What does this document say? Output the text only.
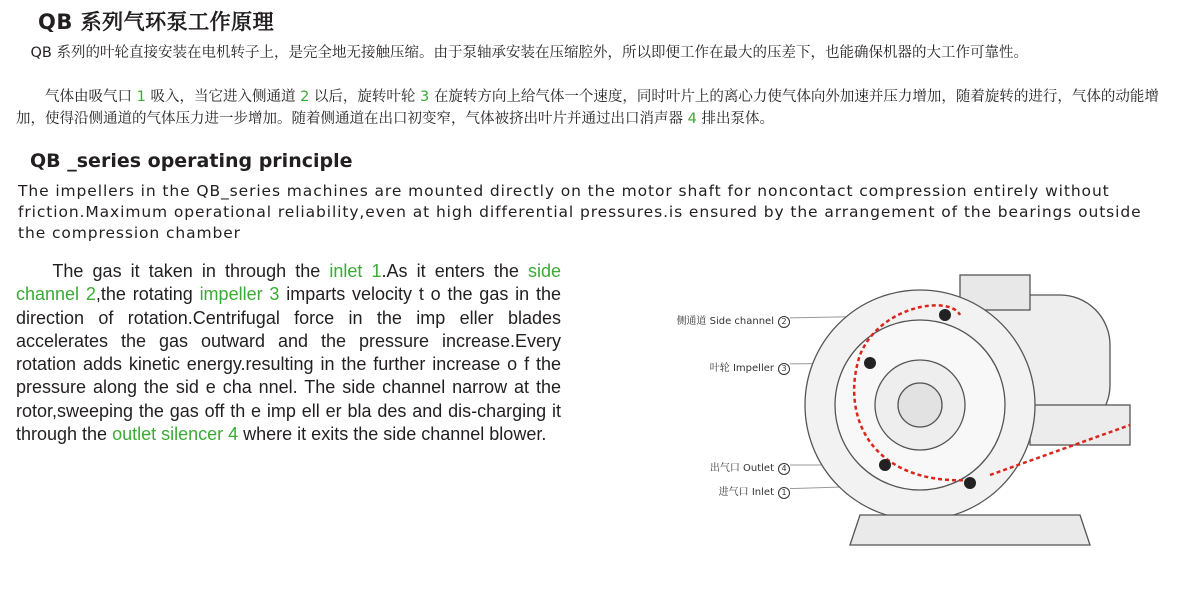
QB 系列气环泵工作原理
　QB 系列的叶轮直接安装在电机转子上，是完全地无接触压缩。由于泵轴承安装在压缩腔外，所以即便工作在最大的压差下，也能确保机器的大工作可靠性。
　　气体由吸气口 1 吸入，当它进入侧通道 2 以后，旋转叶轮 3 在旋转方向上给气体一个速度，同时叶片上的离心力使气体向外加速并压力增加，随着旋转的进行，气体的动能增加，使得沿侧通道的气体压力进一步增加。随着侧通道在出口初变窄，气体被挤出叶片并通过出口消声器 4 排出泵体。
QB _series operating principle
The impellers in the QB_series machines are mounted directly on the motor shaft for noncontact compression entirely without friction.Maximum operational reliability,even at high differential pressures.is ensured by the arrangement of the bearings outside the compression chamber
The gas it taken in through the inlet 1.As it enters the side channel 2,the rotating impeller 3 imparts velocity t o the gas in the direction of rotation.Centrifugal force in the imp eller blades accelerates the gas outward and the pressure increase.Every rotation adds kinetic energy.resulting in the further increase o f the pressure along the sid e cha nnel. The side channel narrow at the rotor,sweeping the gas off th e imp ell er bla des and dis-charging it through the outlet silencer 4 where it exits the side channel blower.
侧通道 Side channel 2
叶轮 Impeller 3
出气口 Outlet 4
进气口 Inlet 1
